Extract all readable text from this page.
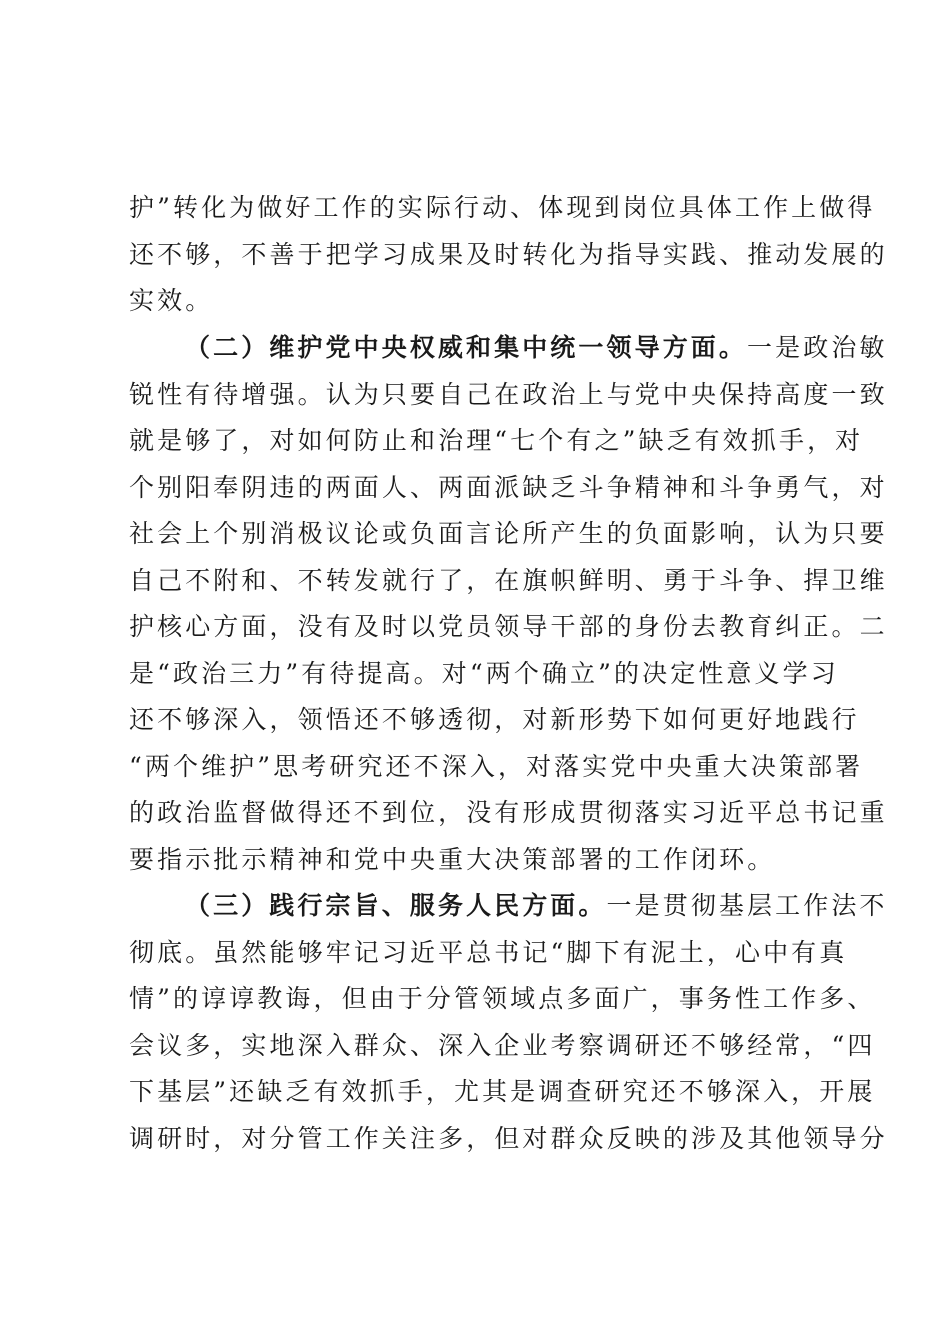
护”转化为做好工作的实际行动、体现到岗位具体工作上做得
还不够，不善于把学习成果及时转化为指导实践、推动发展的
实效。
（二）维护党中央权威和集中统一领导方面。一是政治敏
锐性有待增强。认为只要自己在政治上与党中央保持高度一致
就是够了，对如何防止和治理“七个有之”缺乏有效抓手，对
个别阳奉阴违的两面人、两面派缺乏斗争精神和斗争勇气，对
社会上个别消极议论或负面言论所产生的负面影响，认为只要
自己不附和、不转发就行了，在旗帜鲜明、勇于斗争、捍卫维
护核心方面，没有及时以党员领导干部的身份去教育纠正。二
是“政治三力”有待提高。对“两个确立”的决定性意义学习
还不够深入，领悟还不够透彻，对新形势下如何更好地践行
“两个维护”思考研究还不深入，对落实党中央重大决策部署
的政治监督做得还不到位，没有形成贯彻落实习近平总书记重
要指示批示精神和党中央重大决策部署的工作闭环。
（三）践行宗旨、服务人民方面。一是贯彻基层工作法不
彻底。虽然能够牢记习近平总书记“脚下有泥土，心中有真
情”的谆谆教诲，但由于分管领域点多面广，事务性工作多、
会议多，实地深入群众、深入企业考察调研还不够经常，“四
下基层”还缺乏有效抓手，尤其是调查研究还不够深入，开展
调研时，对分管工作关注多，但对群众反映的涉及其他领导分
